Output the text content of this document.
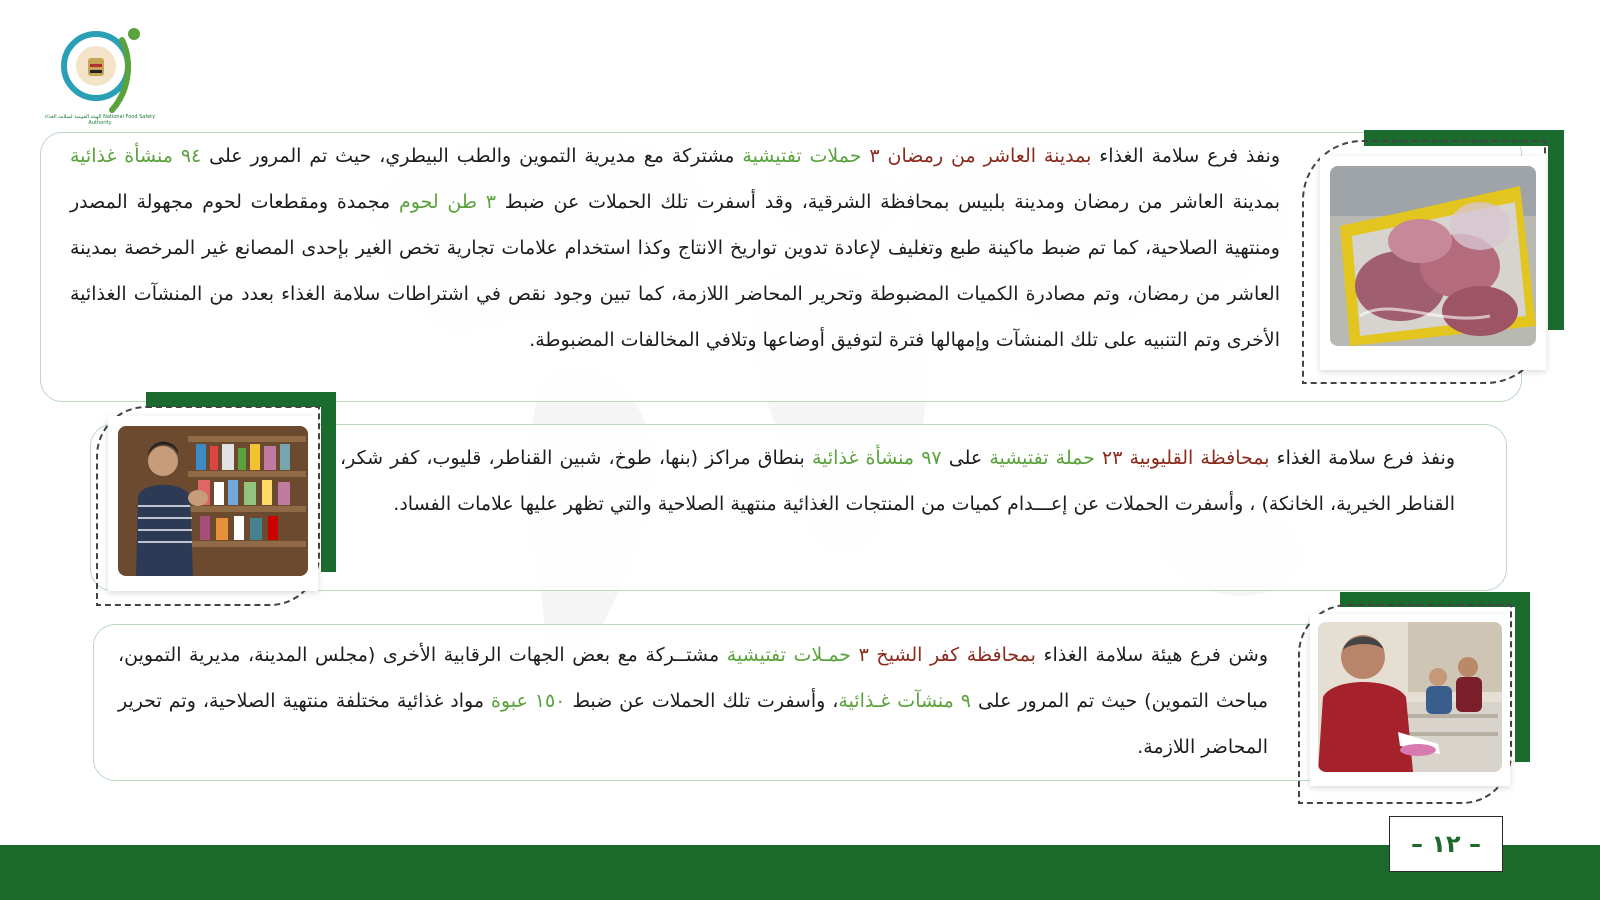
الهيئة القومية لسلامة الغذاء National Food Safety Authority

ونفذ فرع سلامة الغذاء بمدينة العاشر من رمضان ٣ حملات تفتيشية مشتركة مع مديرية التموين والطب البيطري، حيث تم المرور على ٩٤ منشأة غذائية بمدينة العاشر من رمضان ومدينة بلبيس بمحافظة الشرقية، وقد أسفرت تلك الحملات عن ضبط ٣ طن لحوم مجمدة ومقطعات لحوم مجهولة المصدر ومنتهية الصلاحية، كما تم ضبط ماكينة طبع وتغليف لإعادة تدوين تواريخ الانتاج وكذا استخدام علامات تجارية تخص الغير بإحدى المصانع غير المرخصة بمدينة العاشر من رمضان، وتم مصادرة الكميات المضبوطة وتحرير المحاضر اللازمة، كما تبين وجود نقص في اشتراطات سلامة الغذاء بعدد من المنشآت الغذائية الأخرى وتم التنبيه على تلك المنشآت وإمهالها فترة لتوفيق أوضاعها وتلافي المخالفات المضبوطة.

ونفذ فرع سلامة الغذاء بمحافظة القليوبية ٢٣ حملة تفتيشية على ٩٧ منشأة غذائية بنطاق مراكز (بنها، طوخ، شبين القناطر، قليوب، كفر شكر، القناطر الخيرية، الخانكة) ، وأسفرت الحملات عن إعـــدام كميات من المنتجات الغذائية منتهية الصلاحية والتي تظهر عليها علامات الفساد.

وشن فرع هيئة سلامة الغذاء بمحافظة كفر الشيخ ٣ حمـلات تفتيشية مشتــركة مع بعض الجهات الرقابية الأخرى (مجلس المدينة، مديرية التموين، مباحث التموين) حيث تم المرور على ٩ منشآت غـذائية، وأسفرت تلك الحملات عن ضبط ١٥٠ عبوة مواد غذائية مختلفة منتهية الصلاحية، وتم تحرير المحاضر اللازمة.

– ١٢ –
